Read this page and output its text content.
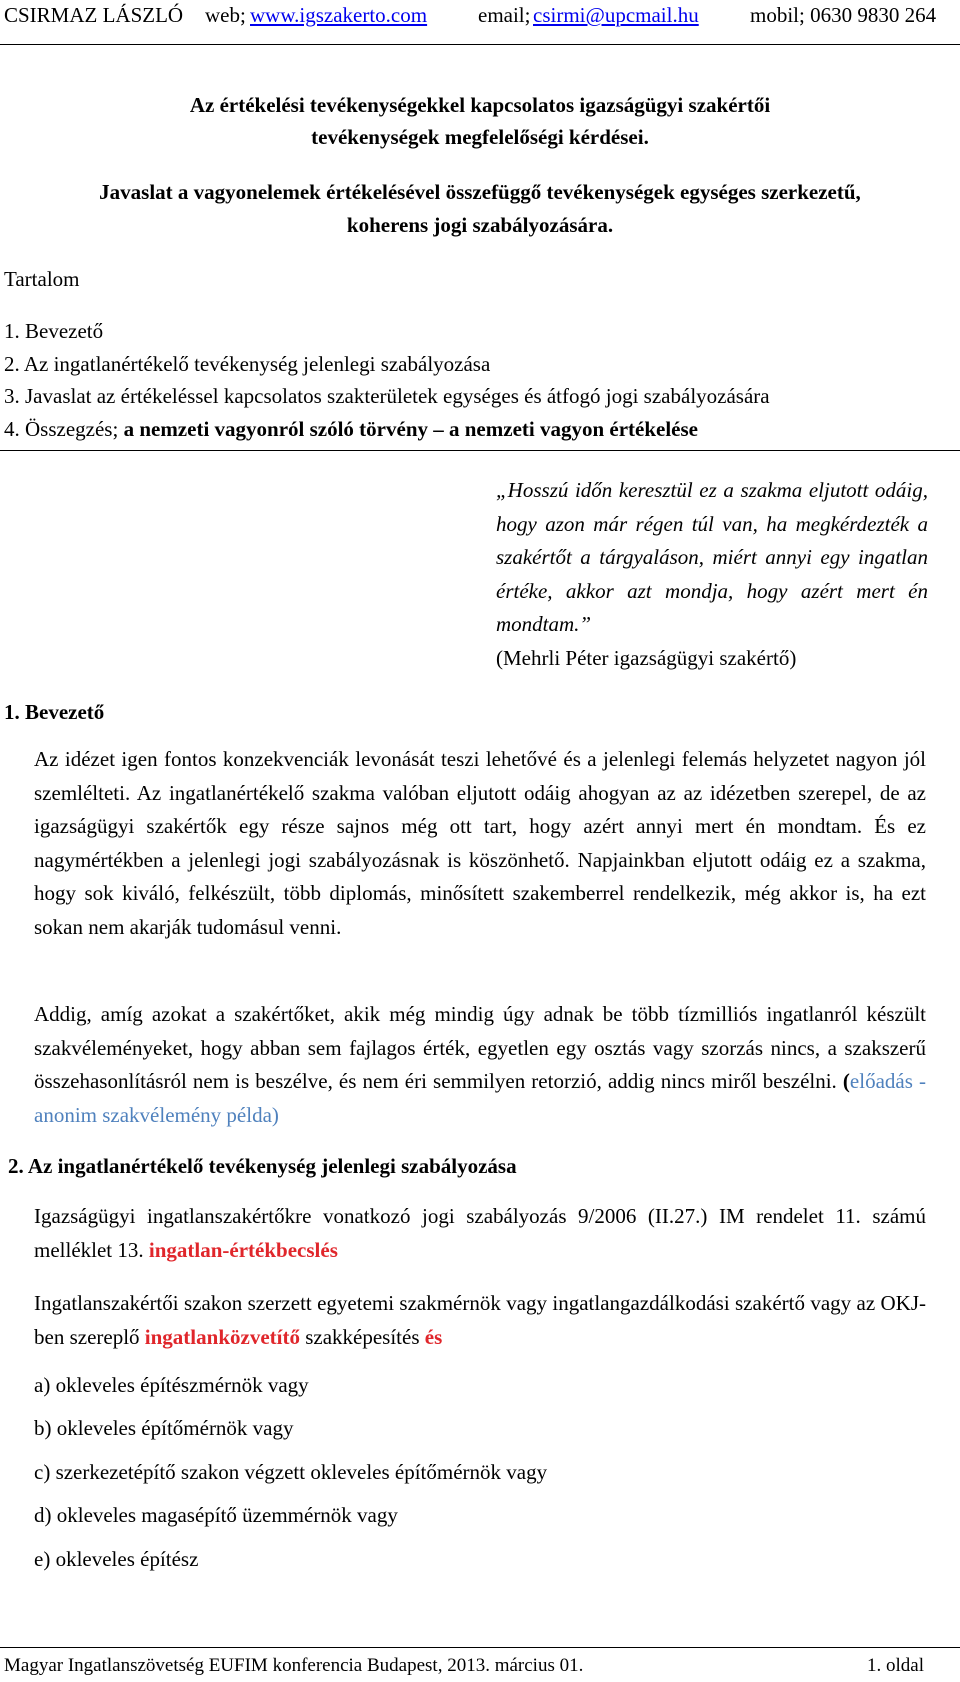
CSIRMAZ LÁSZLÓ web; www.igszakerto.com email; csirmi@upcmail.hu mobil; 0630 9830 264
Az értékelési tevékenységekkel kapcsolatos igazságügyi szakértői
tevékenységek megfelelőségi kérdései.
Javaslat a vagyonelemek értékelésével összefüggő tevékenységek egységes szerkezetű,
koherens jogi szabályozására.
Tartalom
1. Bevezető
2. Az ingatlanértékelő tevékenység jelenlegi szabályozása
3. Javaslat az értékeléssel kapcsolatos szakterületek egységes és átfogó jogi szabályozására
4. Összegzés; a nemzeti vagyonról szóló törvény – a nemzeti vagyon értékelése
„Hosszú időn keresztül ez a szakma eljutott odáig, hogy azon már régen túl van, ha megkérdezték a szakértőt a tárgyaláson, miért annyi egy ingatlan értéke, akkor azt mondja, hogy azért mert én mondtam.”
(Mehrli Péter igazságügyi szakértő)
1. Bevezető
Az idézet igen fontos konzekvenciák levonását teszi lehetővé és a jelenlegi felemás helyzetet nagyon jól szemlélteti. Az ingatlanértékelő szakma valóban eljutott odáig ahogyan az az idézetben szerepel, de az igazságügyi szakértők egy része sajnos még ott tart, hogy azért annyi mert én mondtam. És ez nagymértékben a jelenlegi jogi szabályozásnak is köszönhető. Napjainkban eljutott odáig ez a szakma, hogy sok kiváló, felkészült, több diplomás, minősített szakemberrel rendelkezik, még akkor is, ha ezt sokan nem akarják tudomásul venni.
Addig, amíg azokat a szakértőket, akik még mindig úgy adnak be több tízmilliós ingatlanról készült szakvéleményeket, hogy abban sem fajlagos érték, egyetlen egy osztás vagy szorzás nincs, a szakszerű összehasonlításról nem is beszélve, és nem éri semmilyen retorzió, addig nincs miről beszélni. (előadás - anonim szakvélemény példa)
2. Az ingatlanértékelő tevékenység jelenlegi szabályozása
Igazságügyi ingatlanszakértőkre vonatkozó jogi szabályozás 9/2006 (II.27.) IM rendelet 11. számú melléklet 13. ingatlan-értékbecslés
Ingatlanszakértői szakon szerzett egyetemi szakmérnök vagy ingatlangazdálkodási szakértő vagy az OKJ-ben szereplő ingatlanközvetítő szakképesítés és
a) okleveles építészmérnök vagy
b) okleveles építőmérnök vagy
c) szerkezetépítő szakon végzett okleveles építőmérnök vagy
d) okleveles magasépítő üzemmérnök vagy
e) okleveles építész
Magyar Ingatlanszövetség EUFIM konferencia Budapest, 2013. március 01.	1. oldal
